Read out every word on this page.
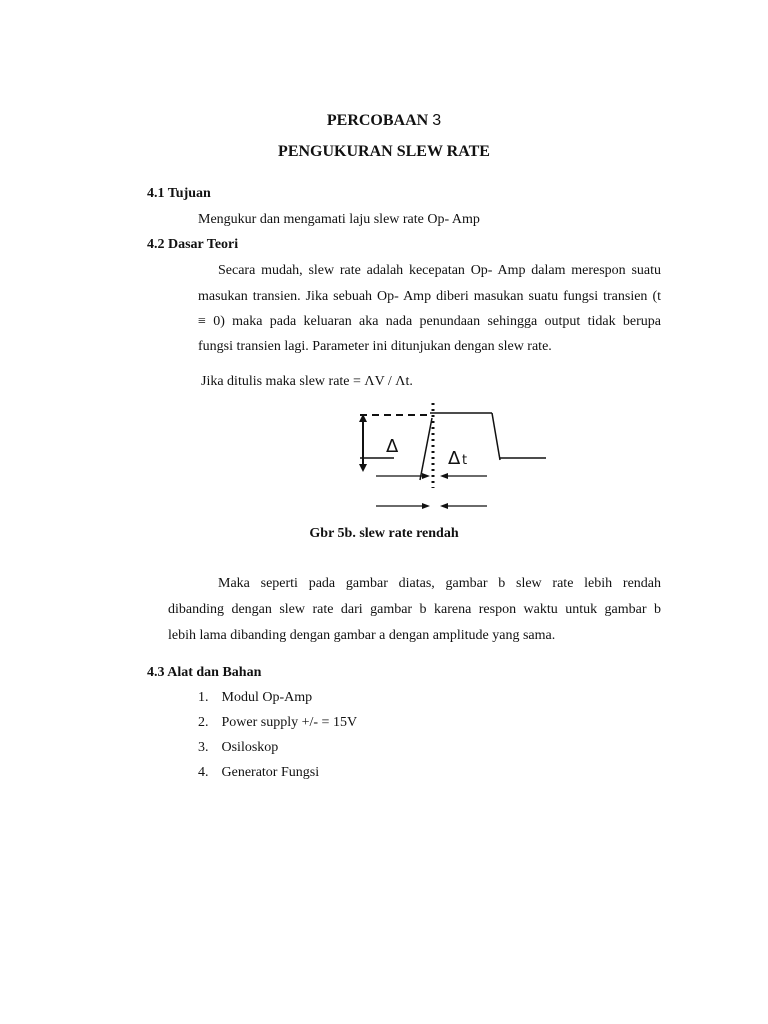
PERCOBAAN 3
PENGUKURAN SLEW RATE
4.1 Tujuan
Mengukur dan mengamati laju slew rate Op- Amp
4.2 Dasar Teori
Secara mudah, slew rate adalah kecepatan Op- Amp dalam merespon suatu
masukan transien. Jika sebuah Op- Amp diberi masukan suatu fungsi transien (t
≡ 0) maka pada keluaran aka nada penundaan sehingga output tidak berupa
fungsi transien lagi. Parameter ini ditunjukan dengan slew rate.
Jika ditulis maka slew rate = ΛV / Λt.
Δ
Δ t
Gbr 5b. slew rate rendah
Maka seperti pada gambar diatas, gambar b slew rate lebih rendah
dibanding dengan slew rate dari gambar b karena respon waktu untuk gambar b
lebih lama dibanding dengan gambar a dengan amplitude yang sama.
4.3 Alat dan Bahan
1. Modul Op-Amp
2. Power supply +/- = 15V
3. Osiloskop
4. Generator Fungsi
